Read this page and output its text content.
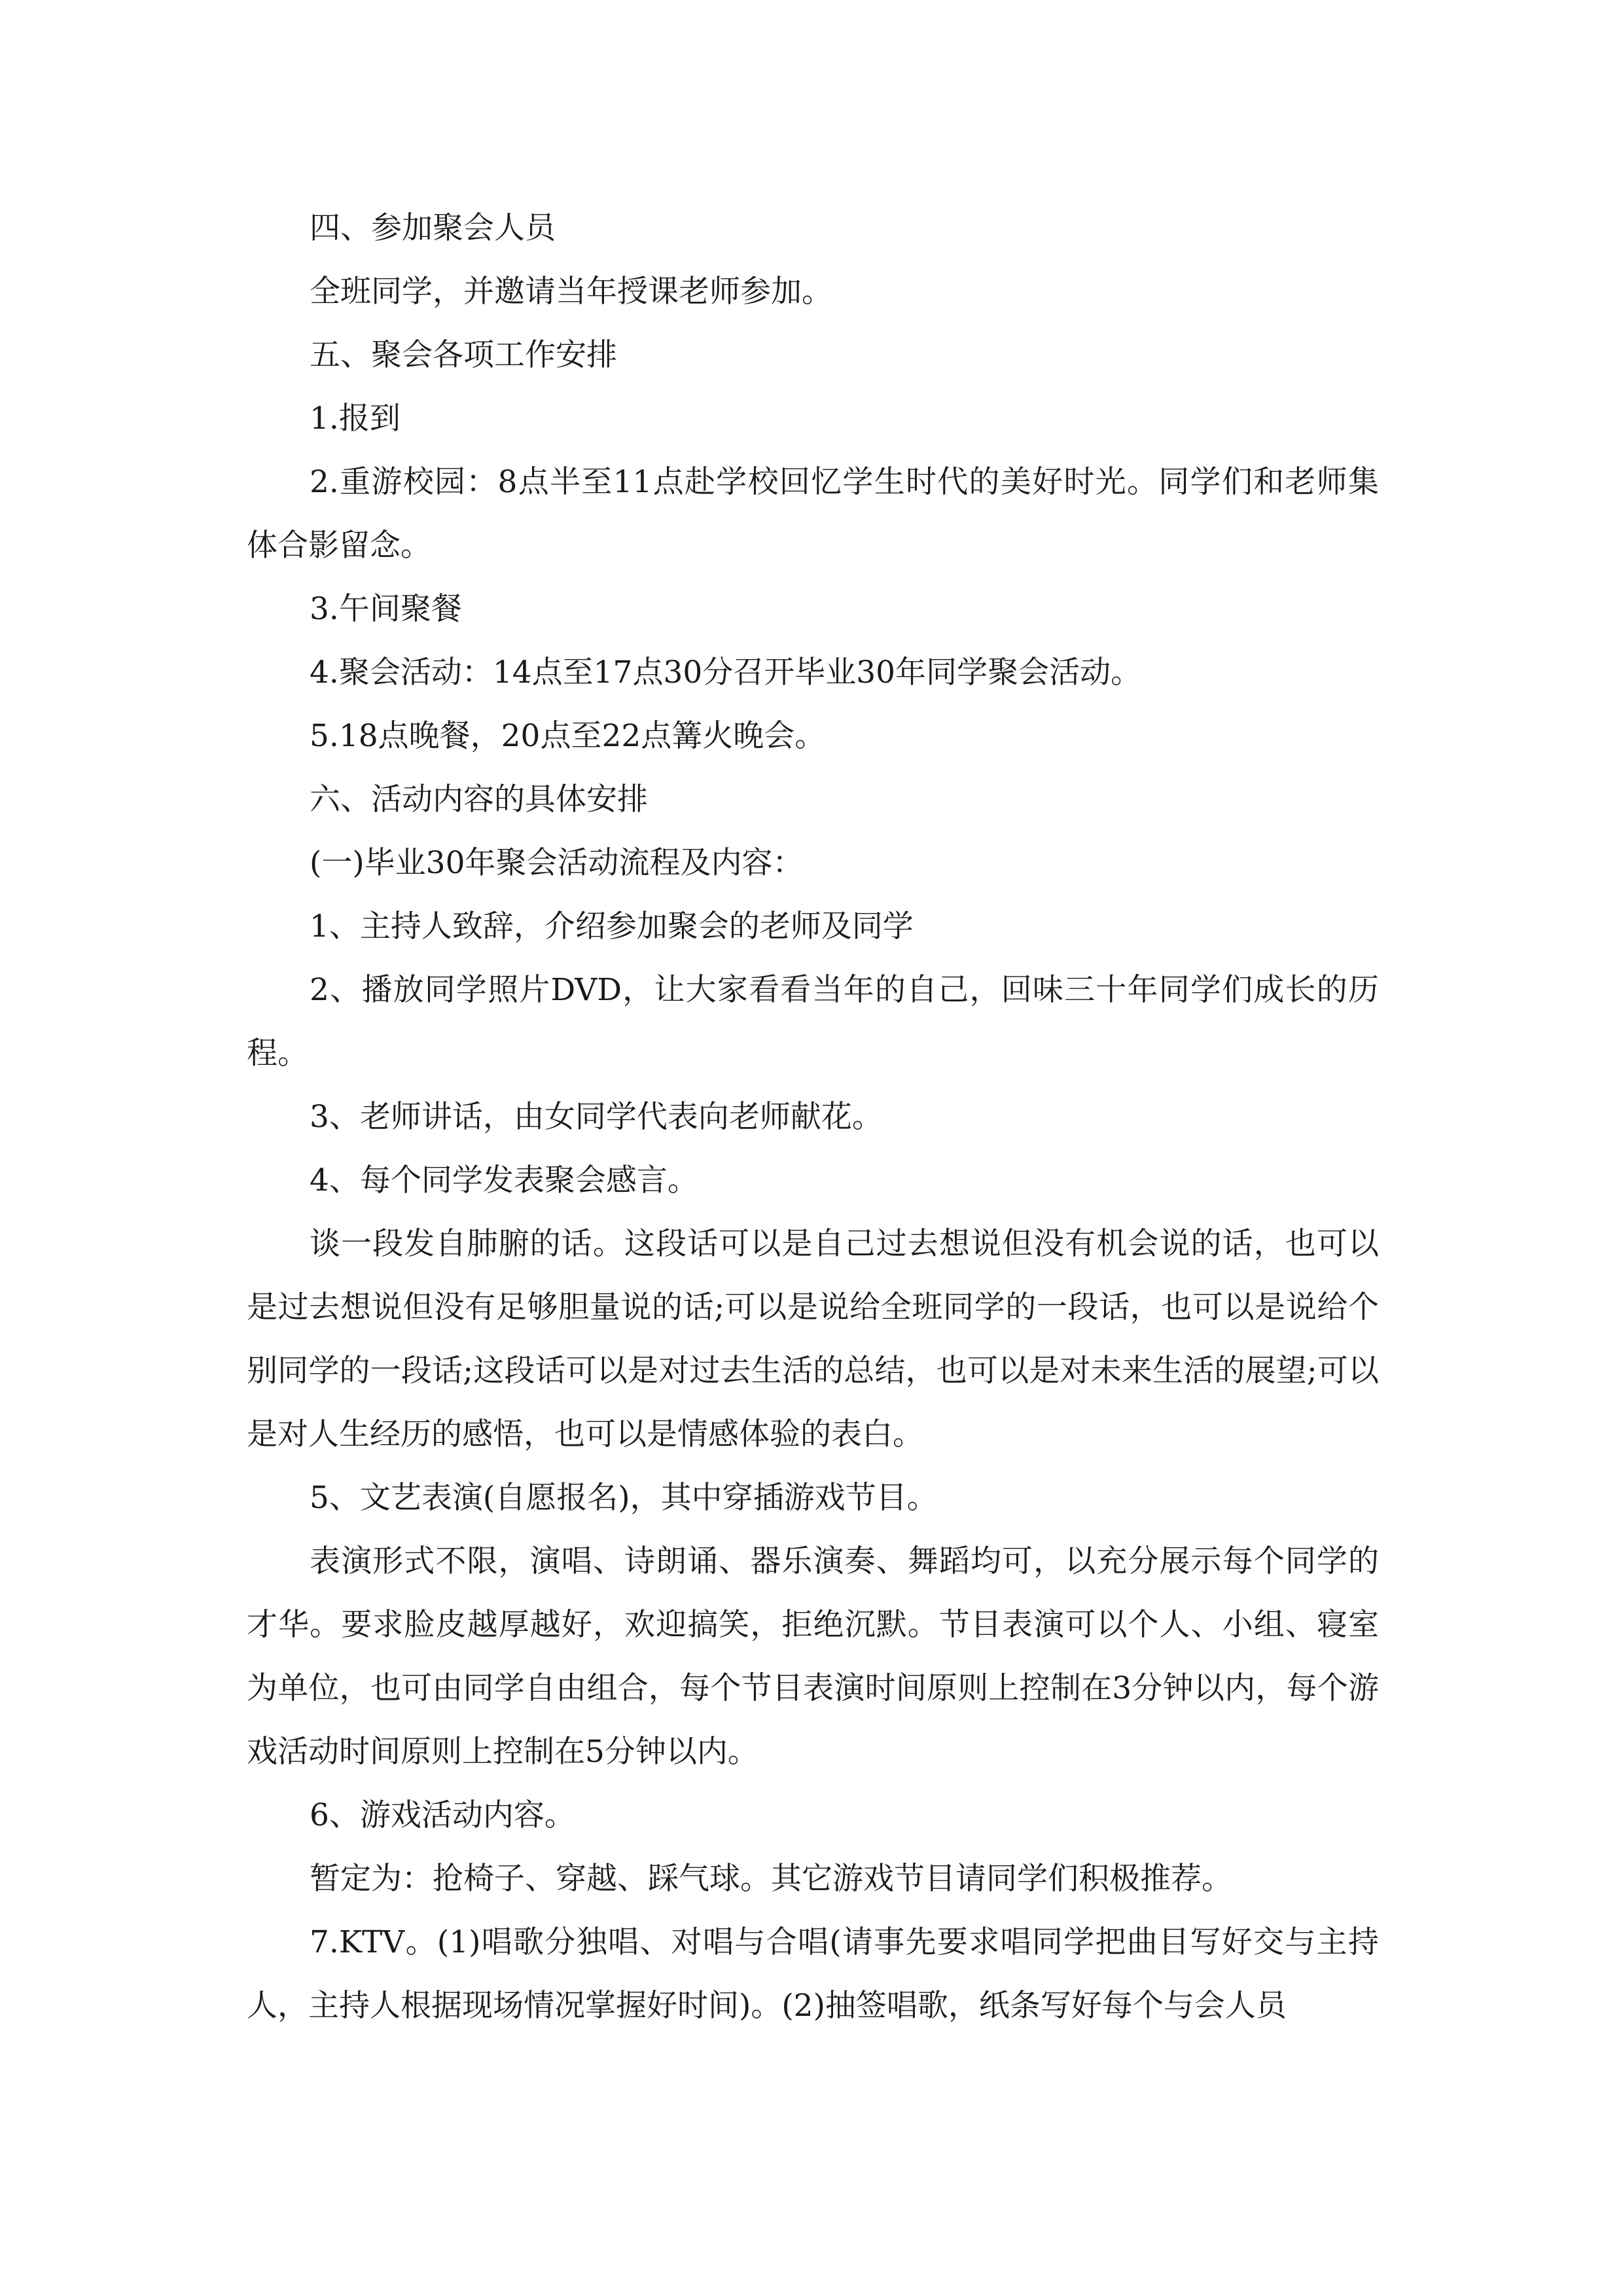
四、参加聚会人员

全班同学，并邀请当年授课老师参加。

五、聚会各项工作安排

1.报到

2.重游校园：8点半至11点赴学校回忆学生时代的美好时光。同学们和老师集体合影留念。

3.午间聚餐

4.聚会活动：14点至17点30分召开毕业30年同学聚会活动。

5.18点晚餐，20点至22点篝火晚会。

六、活动内容的具体安排

(一)毕业30年聚会活动流程及内容：

1、主持人致辞，介绍参加聚会的老师及同学

2、播放同学照片DVD，让大家看看当年的自己，回味三十年同学们成长的历程。

3、老师讲话，由女同学代表向老师献花。

4、每个同学发表聚会感言。

谈一段发自肺腑的话。这段话可以是自己过去想说但没有机会说的话，也可以是过去想说但没有足够胆量说的话;可以是说给全班同学的一段话，也可以是说给个别同学的一段话;这段话可以是对过去生活的总结，也可以是对未来生活的展望;可以是对人生经历的感悟，也可以是情感体验的表白。

5、文艺表演(自愿报名)，其中穿插游戏节目。

表演形式不限，演唱、诗朗诵、器乐演奏、舞蹈均可，以充分展示每个同学的才华。要求脸皮越厚越好，欢迎搞笑，拒绝沉默。节目表演可以个人、小组、寝室为单位，也可由同学自由组合，每个节目表演时间原则上控制在3分钟以内，每个游戏活动时间原则上控制在5分钟以内。

6、游戏活动内容。

暂定为：抢椅子、穿越、踩气球。其它游戏节目请同学们积极推荐。

7.KTV。(1)唱歌分独唱、对唱与合唱(请事先要求唱同学把曲目写好交与主持人，主持人根据现场情况掌握好时间)。(2)抽签唱歌，纸条写好每个与会人员
